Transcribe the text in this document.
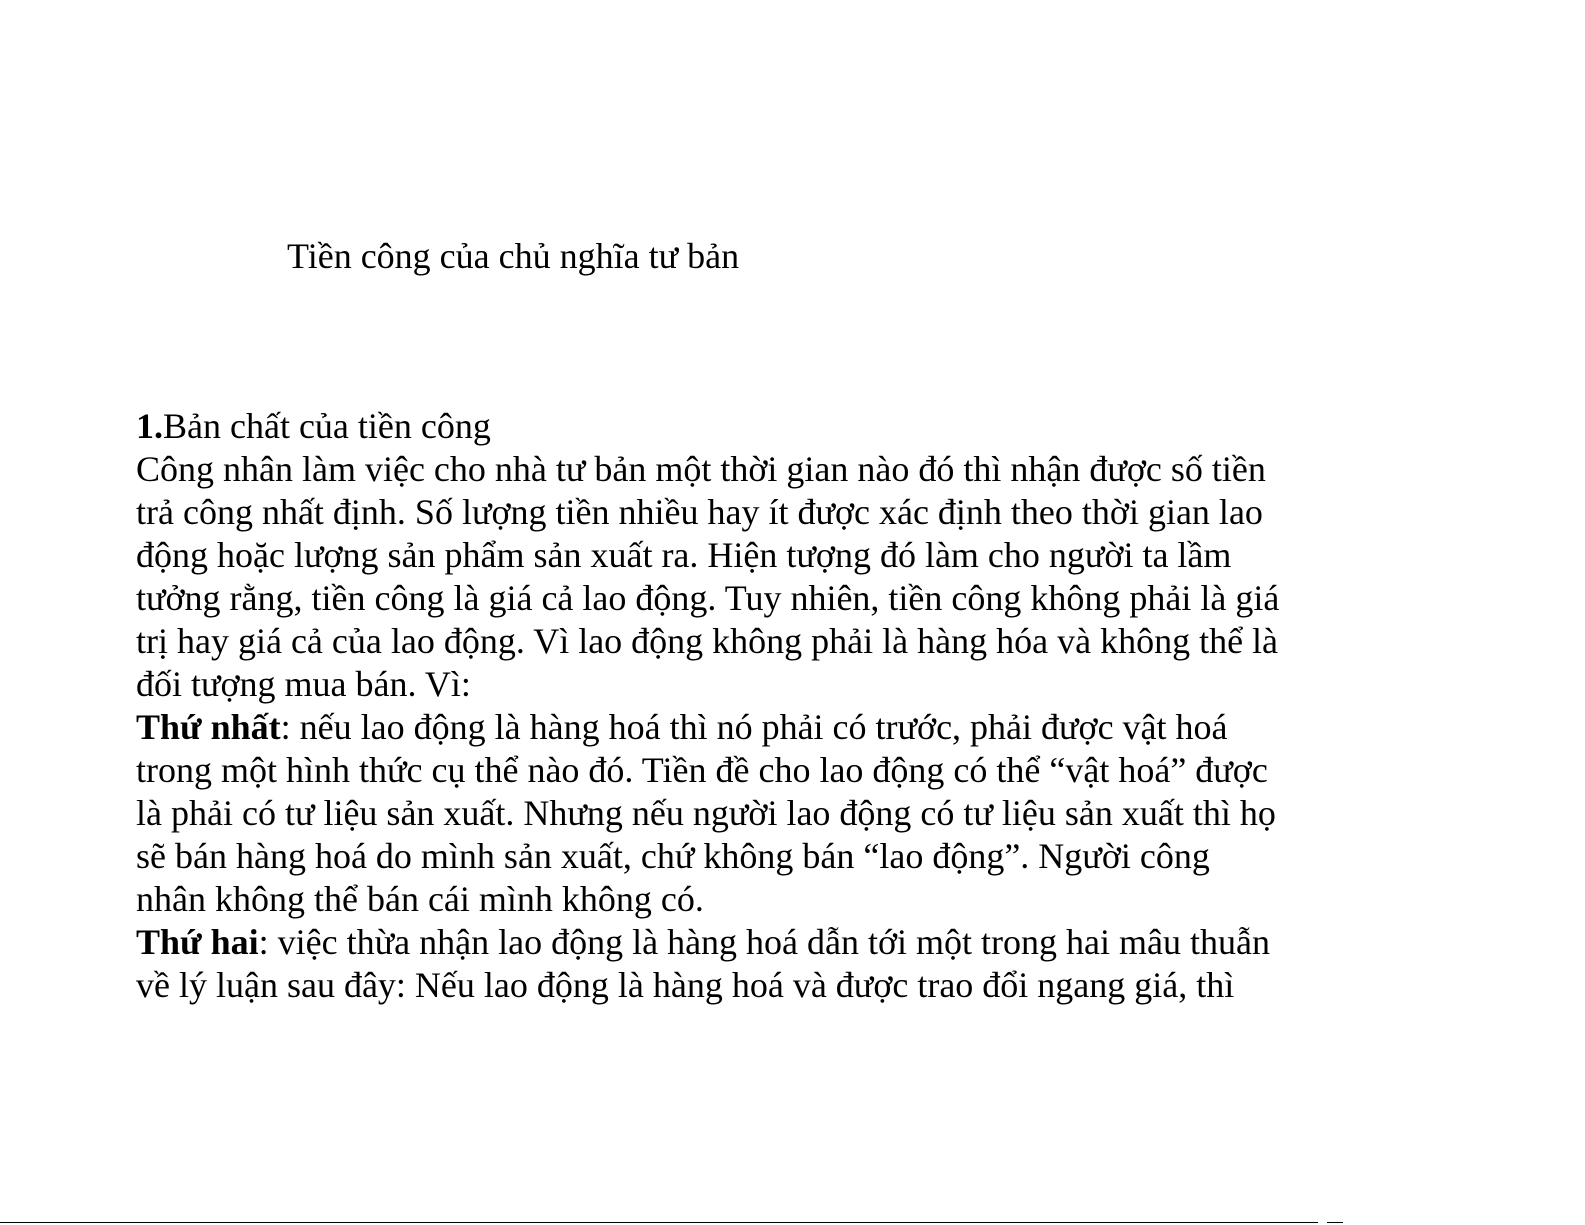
Tiền công của chủ nghĩa tư bản
1.Bản chất của tiền công
Công nhân làm việc cho nhà tư bản một thời gian nào đó thì nhận được số tiền
trả công nhất định. Số lượng tiền nhiều hay ít được xác định theo thời gian lao
động hoặc lượng sản phẩm sản xuất ra. Hiện tượng đó làm cho người ta lầm
tưởng rằng, tiền công là giá cả lao động. Tuy nhiên, tiền công không phải là giá
trị hay giá cả của lao động. Vì lao động không phải là hàng hóa và không thể là
đối tượng mua bán. Vì:
Thứ nhất: nếu lao động là hàng hoá thì nó phải có trước, phải được vật hoá
trong một hình thức cụ thể nào đó. Tiền đề cho lao động có thể “vật hoá” được
là phải có tư liệu sản xuất. Nhưng nếu người lao động có tư liệu sản xuất thì họ
sẽ bán hàng hoá do mình sản xuất, chứ không bán “lao động”. Người công
nhân không thể bán cái mình không có.
Thứ hai: việc thừa nhận lao động là hàng hoá dẫn tới một trong hai mâu thuẫn
về lý luận sau đây: Nếu lao động là hàng hoá và được trao đổi ngang giá, thì
